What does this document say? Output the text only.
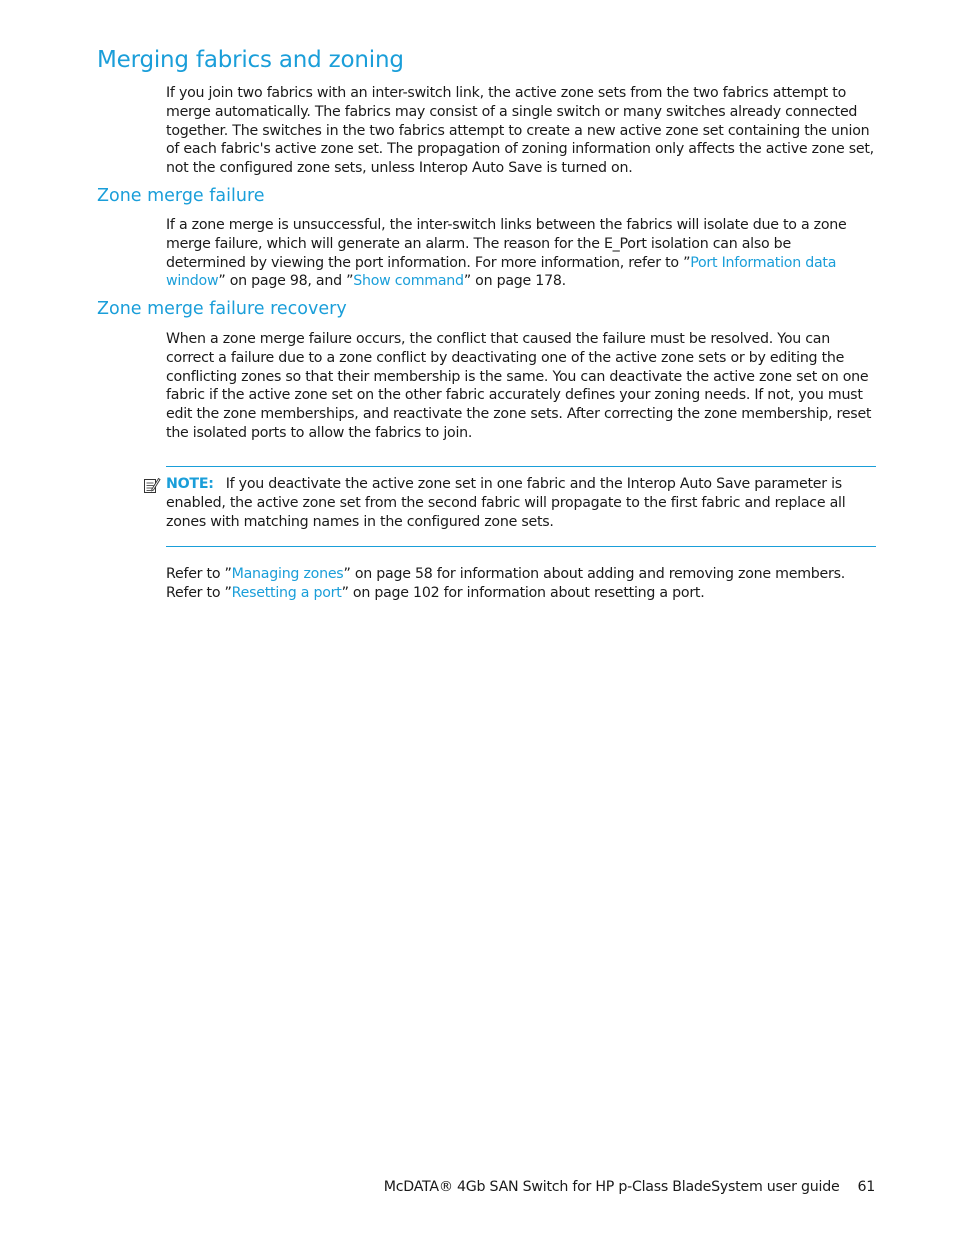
Merging fabrics and zoning

If you join two fabrics with an inter-switch link, the active zone sets from the two fabrics attempt to merge automatically. The fabrics may consist of a single switch or many switches already connected together. The switches in the two fabrics attempt to create a new active zone set containing the union of each fabric's active zone set. The propagation of zoning information only affects the active zone set, not the configured zone sets, unless Interop Auto Save is turned on.

Zone merge failure

If a zone merge is unsuccessful, the inter-switch links between the fabrics will isolate due to a zone merge failure, which will generate an alarm. The reason for the E_Port isolation can also be determined by viewing the port information. For more information, refer to ”Port Information data window” on page 98, and ”Show command” on page 178.

Zone merge failure recovery

When a zone merge failure occurs, the conflict that caused the failure must be resolved. You can correct a failure due to a zone conflict by deactivating one of the active zone sets or by editing the conflicting zones so that their membership is the same. You can deactivate the active zone set on one fabric if the active zone set on the other fabric accurately defines your zoning needs. If not, you must edit the zone memberships, and reactivate the zone sets. After correcting the zone membership, reset the isolated ports to allow the fabrics to join.

NOTE: If you deactivate the active zone set in one fabric and the Interop Auto Save parameter is enabled, the active zone set from the second fabric will propagate to the first fabric and replace all zones with matching names in the configured zone sets.

Refer to ”Managing zones” on page 58 for information about adding and removing zone members. Refer to ”Resetting a port” on page 102 for information about resetting a port.

McDATA® 4Gb SAN Switch for HP p-Class BladeSystem user guide 61
